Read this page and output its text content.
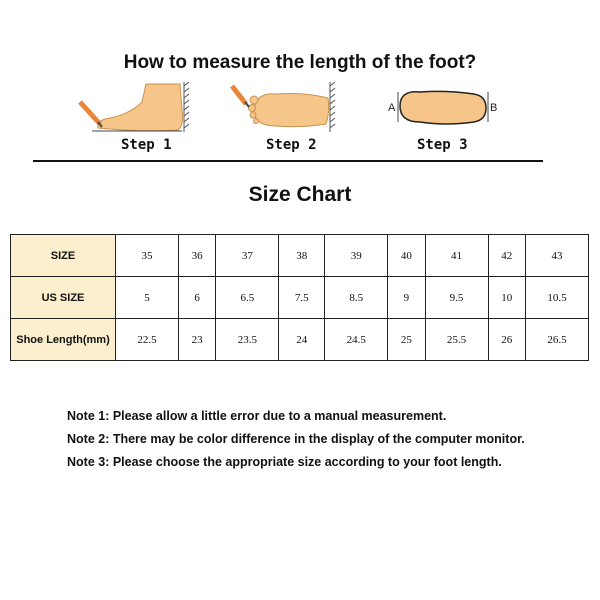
How to measure the length of the foot?
Step 1	Step 2
A	B
Step 3
Size Chart
SIZE	35	36	37	38	39	40	41	42	43
US SIZE	5	6	6.5	7.5	8.5	9	9.5	10	10.5
Shoe Length(mm)	22.5	23	23.5	24	24.5	25	25.5	26	26.5
Note 1: Please allow a little error due to a manual measurement.
Note 2: There may be color difference in the display of the computer monitor.
Note 3: Please choose the appropriate size according to your foot length.
